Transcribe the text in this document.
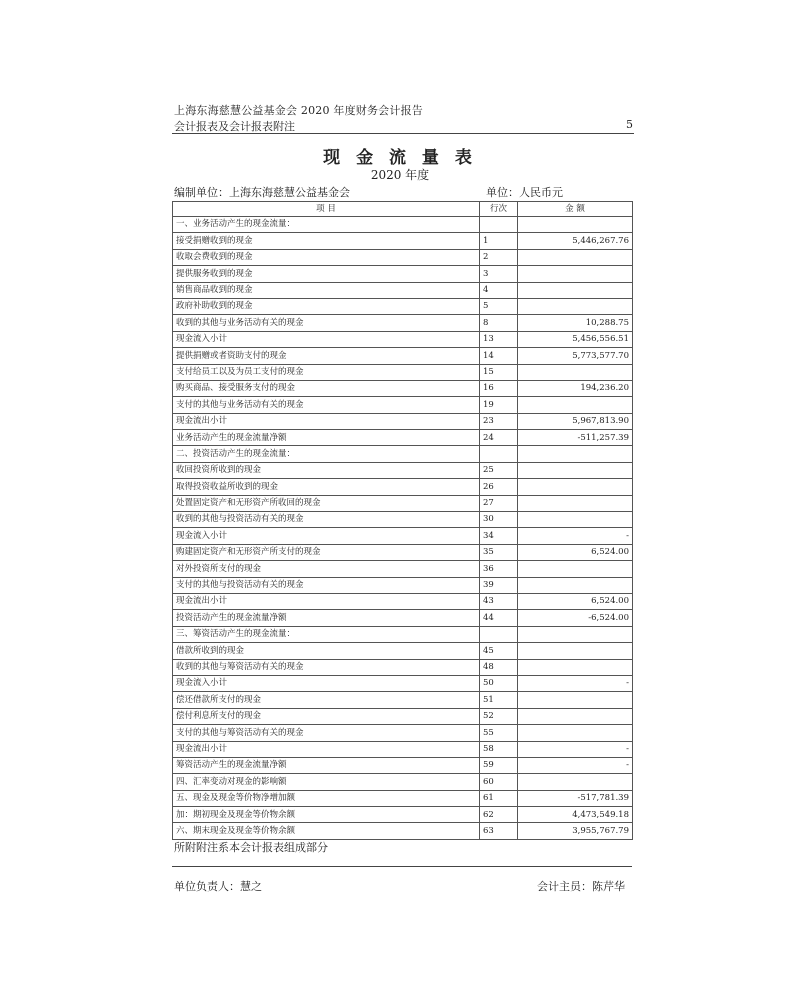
上海东海慈慧公益基金会 2020 年度财务会计报告
会计报表及会计报表附注	5
现 金 流 量 表
2020 年度
编制单位：上海东海慈慧公益基金会	单位：人民币元
项 目	行次	金 额
一、业务活动产生的现金流量：		
接受捐赠收到的现金	1	5,446,267.76
收取会费收到的现金	2	
提供服务收到的现金	3	
销售商品收到的现金	4	
政府补助收到的现金	5	
收到的其他与业务活动有关的现金	8	10,288.75
现金流入小计	13	5,456,556.51
提供捐赠或者资助支付的现金	14	5,773,577.70
支付给员工以及为员工支付的现金	15	
购买商品、接受服务支付的现金	16	194,236.20
支付的其他与业务活动有关的现金	19	
现金流出小计	23	5,967,813.90
业务活动产生的现金流量净额	24	-511,257.39
二、投资活动产生的现金流量：		
收回投资所收到的现金	25	
取得投资收益所收到的现金	26	
处置固定资产和无形资产所收回的现金	27	
收到的其他与投资活动有关的现金	30	
现金流入小计	34	-
购建固定资产和无形资产所支付的现金	35	6,524.00
对外投资所支付的现金	36	
支付的其他与投资活动有关的现金	39	
现金流出小计	43	6,524.00
投资活动产生的现金流量净额	44	-6,524.00
三、筹资活动产生的现金流量：		
借款所收到的现金	45	
收到的其他与筹资活动有关的现金	48	
现金流入小计	50	-
偿还借款所支付的现金	51	
偿付利息所支付的现金	52	
支付的其他与筹资活动有关的现金	55	
现金流出小计	58	-
筹资活动产生的现金流量净额	59	-
四、汇率变动对现金的影响额	60	
五、现金及现金等价物净增加额	61	-517,781.39
加：期初现金及现金等价物余额	62	4,473,549.18
六、期末现金及现金等价物余额	63	3,955,767.79
所附附注系本会计报表组成部分
单位负责人：慧之	会计主员：陈芹华
